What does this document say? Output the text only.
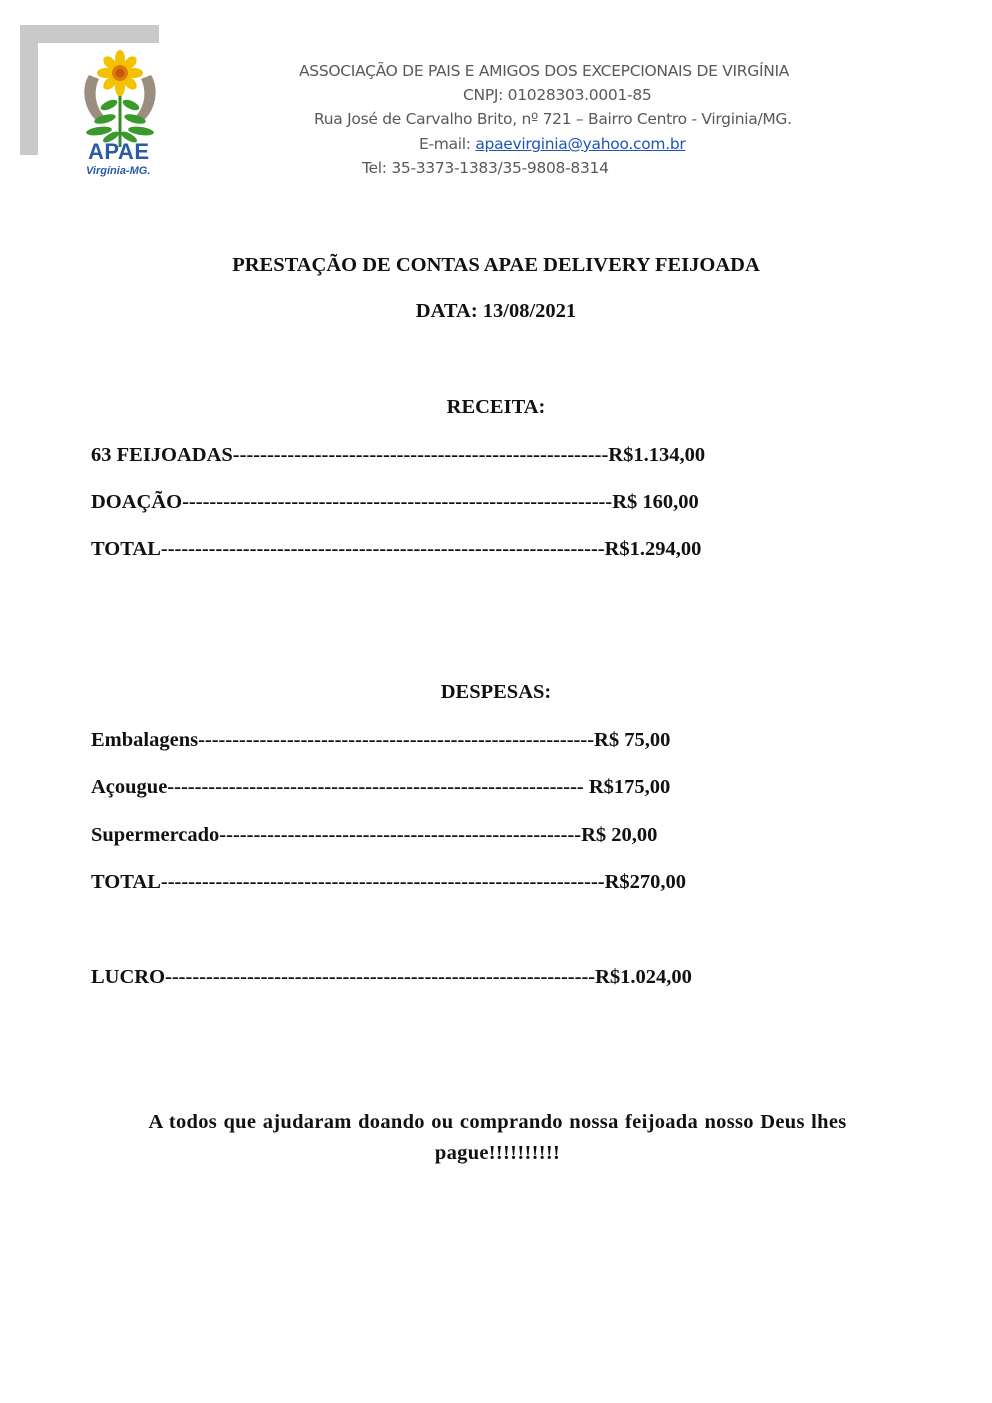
APAE
Virgínia-MG.
ASSOCIAÇÃO DE PAIS E AMIGOS DOS EXCEPCIONAIS DE VIRGÍNIA
CNPJ: 01028303.0001-85
Rua José de Carvalho Brito, nº 721 – Bairro Centro - Virginia/MG.
E-mail: apaevirginia@yahoo.com.br
Tel: 35-3373-1383/35-9808-8314
PRESTAÇÃO DE CONTAS APAE DELIVERY FEIJOADA
DATA: 13/08/2021
RECEITA:
63 FEIJOADAS-------------------------------------------------------R$1.134,00
DOAÇÃO---------------------------------------------------------------R$ 160,00
TOTAL-----------------------------------------------------------------R$1.294,00
DESPESAS:
Embalagens----------------------------------------------------------R$ 75,00
Açougue------------------------------------------------------------- R$175,00
Supermercado-----------------------------------------------------R$ 20,00
TOTAL-----------------------------------------------------------------R$270,00
LUCRO---------------------------------------------------------------R$1.024,00
A todos que ajudaram doando ou comprando nossa feijoada nosso Deus lhes pague!!!!!!!!!!
